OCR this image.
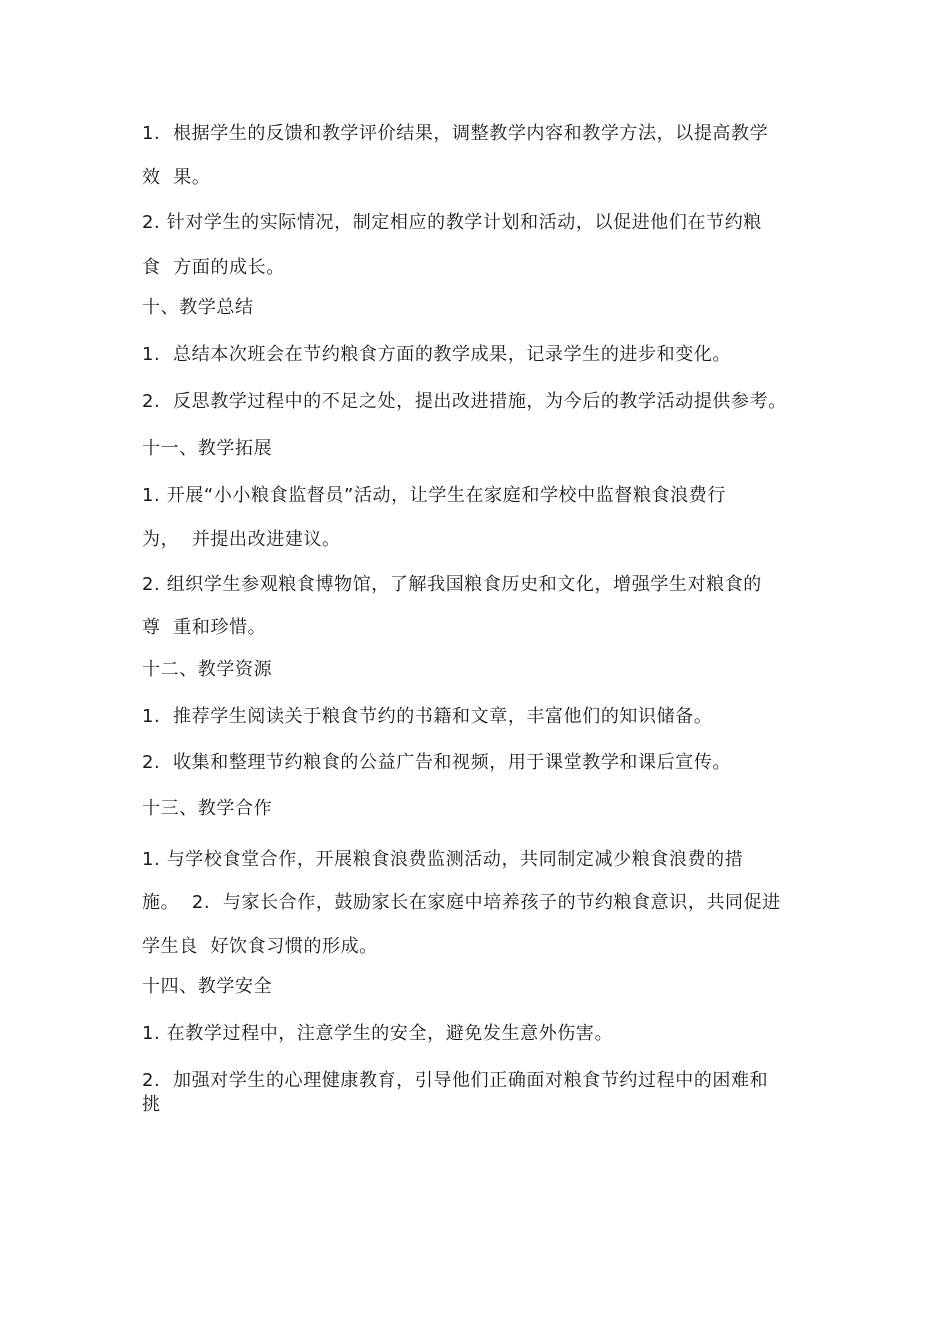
1.  根据学生的反馈和教学评价结果，调整教学内容和教学方法，以提高教学

效  果。

2. 针对学生的实际情况，制定相应的教学计划和活动，以促进他们在节约粮

食  方面的成长。

十、教学总结

1.  总结本次班会在节约粮食方面的教学成果，记录学生的进步和变化。

2.  反思教学过程中的不足之处，提出改进措施，为今后的教学活动提供参考。

十一、教学拓展

1. 开展“小小粮食监督员”活动，让学生在家庭和学校中监督粮食浪费行

为，  并提出改进建议。

2. 组织学生参观粮食博物馆，了解我国粮食历史和文化，增强学生对粮食的

尊  重和珍惜。

十二、教学资源

1.  推荐学生阅读关于粮食节约的书籍和文章，丰富他们的知识储备。

2.  收集和整理节约粮食的公益广告和视频，用于课堂教学和课后宣传。

十三、教学合作

1. 与学校食堂合作，开展粮食浪费监测活动，共同制定减少粮食浪费的措

施。  2.  与家长合作，鼓励家长在家庭中培养孩子的节约粮食意识，共同促进

学生良  好饮食习惯的形成。

十四、教学安全

1. 在教学过程中，注意学生的安全，避免发生意外伤害。

2.  加强对学生的心理健康教育，引导他们正确面对粮食节约过程中的困难和

挑
